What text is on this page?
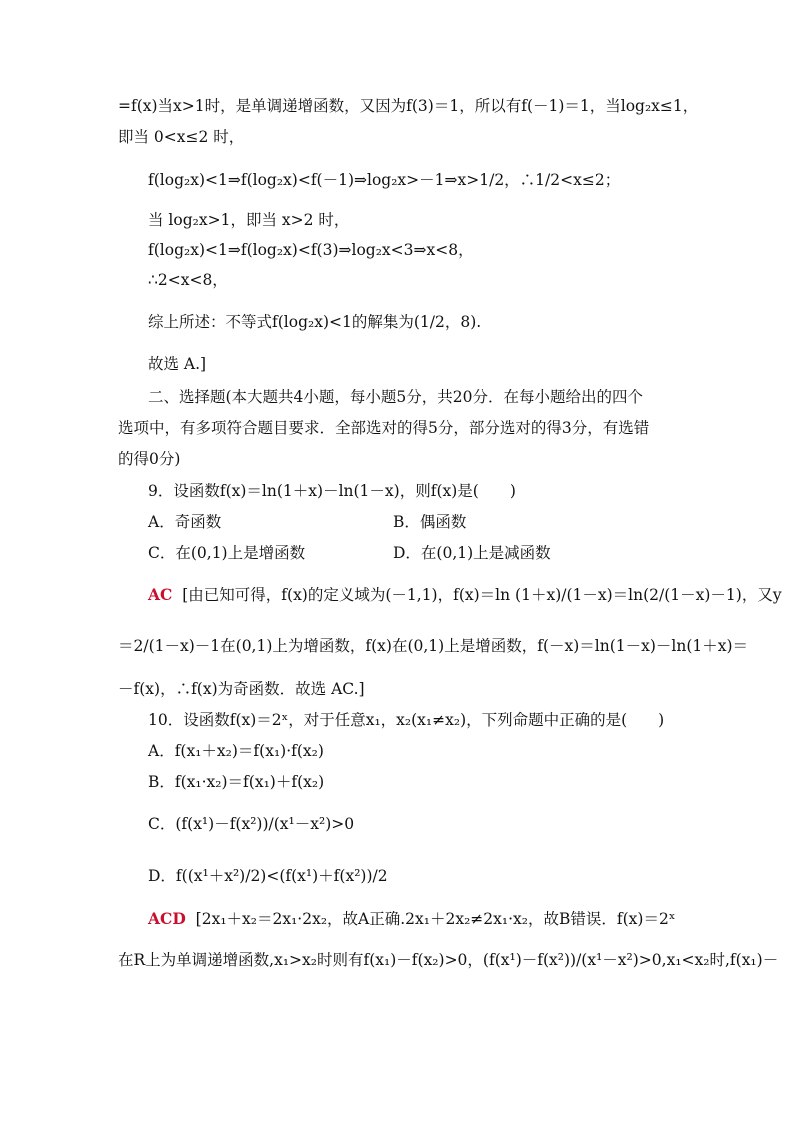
=f(x)当x>1时，是单调递增函数，又因为f(3)＝1，所以有f(－1)＝1，当log₂x≤1，
即当 0<x≤2 时，
f(log₂x)<1⇒f(log₂x)<f(－1)⇒log₂x>－1⇒x>1/2，∴1/2<x≤2；
当 log₂x>1，即当 x>2 时，
f(log₂x)<1⇒f(log₂x)<f(3)⇒log₂x<3⇒x<8，
∴2<x<8，
综上所述：不等式f(log₂x)<1的解集为(1/2，8).
故选 A.]
二、选择题(本大题共4小题，每小题5分，共20分．在每小题给出的四个
选项中，有多项符合题目要求．全部选对的得5分，部分选对的得3分，有选错
的得0分)
9．设函数f(x)＝ln(1＋x)－ln(1－x)，则f(x)是(　　)
A．奇函数	B．偶函数
C．在(0,1)上是增函数	D．在(0,1)上是减函数
AC [由已知可得，f(x)的定义域为(－1,1)，f(x)＝ln (1＋x)/(1－x)＝ln(2/(1－x)－1)，又y
＝2/(1－x)－1在(0,1)上为增函数，f(x)在(0,1)上是增函数，f(－x)＝ln(1－x)－ln(1＋x)＝
－f(x)，∴f(x)为奇函数．故选 AC.]
10．设函数f(x)＝2ˣ，对于任意x₁，x₂(x₁≠x₂)，下列命题中正确的是(　　)
A．f(x₁＋x₂)＝f(x₁)·f(x₂)
B．f(x₁·x₂)＝f(x₁)＋f(x₂)
C．(f(x¹)－f(x²))/(x¹－x²)>0
D．f((x¹＋x²)/2)<(f(x¹)＋f(x²))/2
ACD [2x₁＋x₂＝2x₁·2x₂，故A正确.2x₁＋2x₂≠2x₁·x₂，故B错误．f(x)＝2ˣ
在R上为单调递增函数,x₁>x₂时则有f(x₁)－f(x₂)>0，(f(x¹)－f(x²))/(x¹－x²)>0,x₁<x₂时,f(x₁)－
